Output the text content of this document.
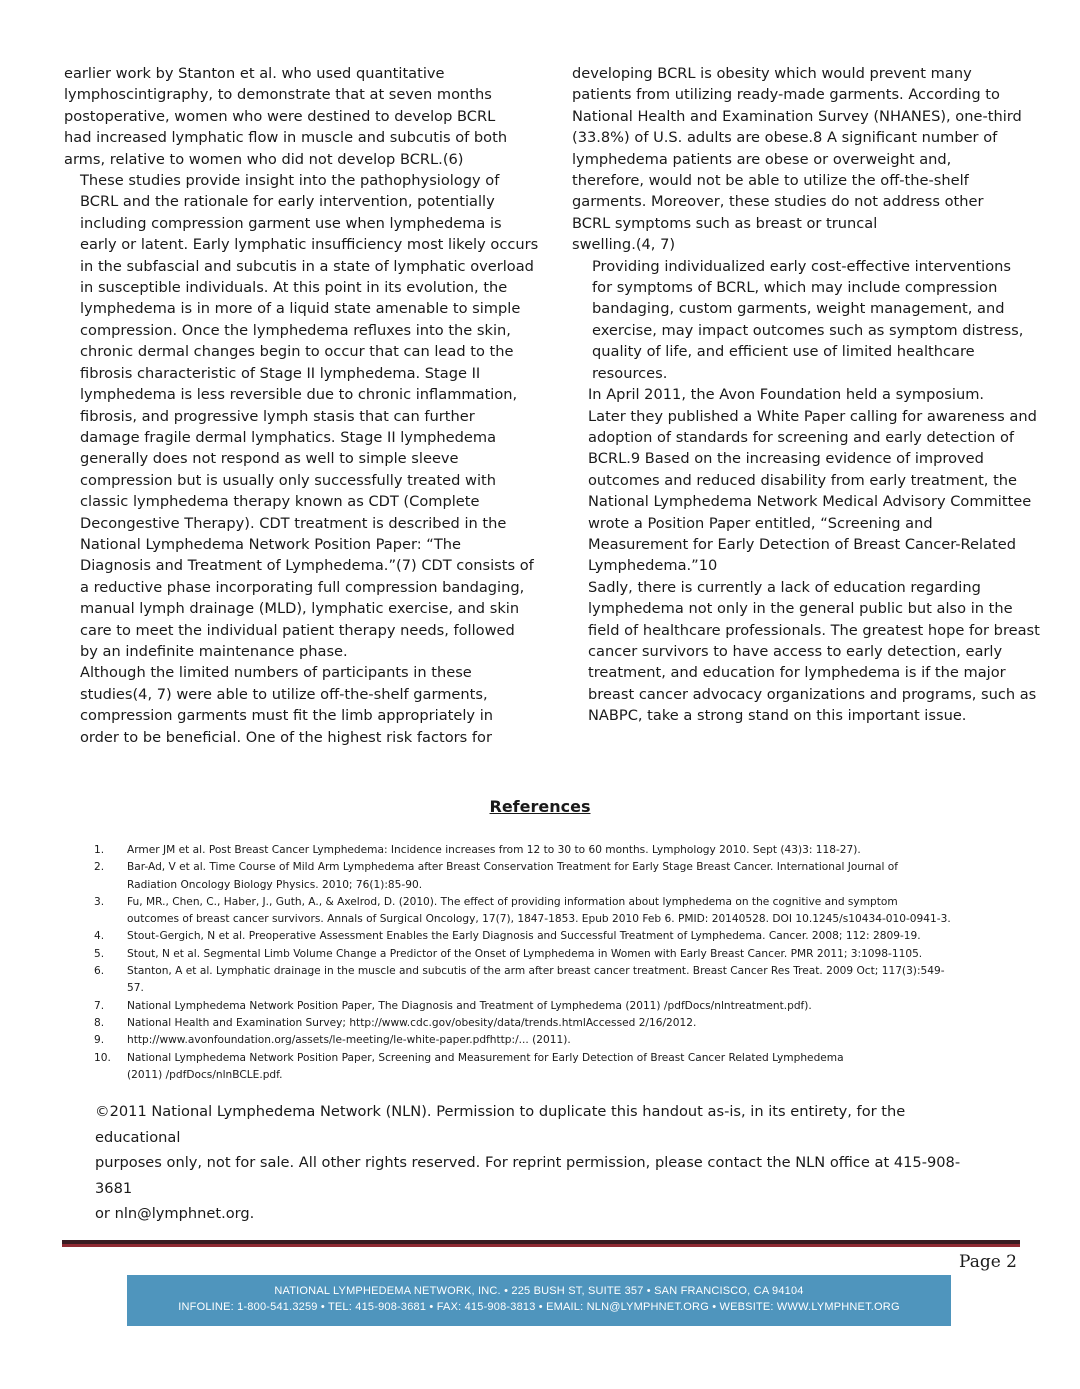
earlier work by Stanton et al. who used quantitative
lymphoscintigraphy, to demonstrate that at seven months
postoperative, women who were destined to develop BCRL
had increased lymphatic flow in muscle and subcutis of both
arms, relative to women who did not develop BCRL.(6)

These studies provide insight into the pathophysiology of
BCRL and the rationale for early intervention, potentially
including compression garment use when lymphedema is
early or latent. Early lymphatic insufficiency most likely occurs
in the subfascial and subcutis in a state of lymphatic overload
in susceptible individuals. At this point in its evolution, the
lymphedema is in more of a liquid state amenable to simple
compression. Once the lymphedema refluxes into the skin,
chronic dermal changes begin to occur that can lead to the
fibrosis characteristic of Stage II lymphedema. Stage II
lymphedema is less reversible due to chronic inflammation,
fibrosis, and progressive lymph stasis that can further
damage fragile dermal lymphatics. Stage II lymphedema
generally does not respond as well to simple sleeve
compression but is usually only successfully treated with
classic lymphedema therapy known as CDT (Complete
Decongestive Therapy). CDT treatment is described in the
National Lymphedema Network Position Paper: “The
Diagnosis and Treatment of Lymphedema.”(7) CDT consists of
a reductive phase incorporating full compression bandaging,
manual lymph drainage (MLD), lymphatic exercise, and skin
care to meet the individual patient therapy needs, followed
by an indefinite maintenance phase.

Although the limited numbers of participants in these
studies(4, 7) were able to utilize off-the-shelf garments,
compression garments must fit the limb appropriately in
order to be beneficial. One of the highest risk factors for

developing BCRL is obesity which would prevent many
patients from utilizing ready-made garments. According to
National Health and Examination Survey (NHANES), one-third
(33.8%) of U.S. adults are obese.8 A significant number of
lymphedema patients are obese or overweight and,
therefore, would not be able to utilize the off-the-shelf
garments. Moreover, these studies do not address other
BCRL symptoms such as breast or truncal
swelling.(4, 7)

Providing individualized early cost-effective interventions
for symptoms of BCRL, which may include compression
bandaging, custom garments, weight management, and
exercise, may impact outcomes such as symptom distress,
quality of life, and efficient use of limited healthcare
resources.

In April 2011, the Avon Foundation held a symposium.
Later they published a White Paper calling for awareness and
adoption of standards for screening and early detection of
BCRL.9 Based on the increasing evidence of improved
outcomes and reduced disability from early treatment, the
National Lymphedema Network Medical Advisory Committee
wrote a Position Paper entitled, “Screening and
Measurement for Early Detection of Breast Cancer-Related
Lymphedema.”10

Sadly, there is currently a lack of education regarding
lymphedema not only in the general public but also in the
field of healthcare professionals. The greatest hope for breast
cancer survivors to have access to early detection, early
treatment, and education for lymphedema is if the major
breast cancer advocacy organizations and programs, such as
NABPC, take a strong stand on this important issue.

References
1.	Armer JM et al. Post Breast Cancer Lymphedema: Incidence increases from 12 to 30 to 60 months. Lymphology 2010. Sept (43)3: 118-27).
2.	Bar-Ad, V et al. Time Course of Mild Arm Lymphedema after Breast Conservation Treatment for Early Stage Breast Cancer. International Journal of
Radiation Oncology Biology Physics. 2010; 76(1):85-90.
3.	Fu, MR., Chen, C., Haber, J., Guth, A., & Axelrod, D. (2010). The effect of providing information about lymphedema on the cognitive and symptom
outcomes of breast cancer survivors. Annals of Surgical Oncology, 17(7), 1847-1853. Epub 2010 Feb 6. PMID: 20140528. DOI 10.1245/s10434-010-0941-3.
4.	Stout-Gergich, N et al. Preoperative Assessment Enables the Early Diagnosis and Successful Treatment of Lymphedema. Cancer. 2008; 112: 2809-19.
5.	Stout, N et al. Segmental Limb Volume Change a Predictor of the Onset of Lymphedema in Women with Early Breast Cancer. PMR 2011; 3:1098-1105.
6.	Stanton, A et al. Lymphatic drainage in the muscle and subcutis of the arm after breast cancer treatment. Breast Cancer Res Treat. 2009 Oct; 117(3):549-
57.
7.	National Lymphedema Network Position Paper, The Diagnosis and Treatment of Lymphedema (2011) /pdfDocs/nlntreatment.pdf).
8.	National Health and Examination Survey; http://www.cdc.gov/obesity/data/trends.htmlAccessed 2/16/2012.
9.	http://www.avonfoundation.org/assets/le-meeting/le-white-paper.pdfhttp:/... (2011).
10.	National Lymphedema Network Position Paper, Screening and Measurement for Early Detection of Breast Cancer Related Lymphedema
(2011) /pdfDocs/nlnBCLE.pdf.
©2011 National Lymphedema Network (NLN). Permission to duplicate this handout as-is, in its entirety, for the educational
purposes only, not for sale. All other rights reserved. For reprint permission, please contact the NLN office at 415-908-3681
or nln@lymphnet.org.
Page 2
NATIONAL LYMPHEDEMA NETWORK, INC. • 225 BUSH ST, SUITE 357 • SAN FRANCISCO, CA 94104
INFOLINE: 1-800-541.3259 • TEL: 415-908-3681 • FAX: 415-908-3813 • EMAIL: NLN@LYMPHNET.ORG • WEBSITE: WWW.LYMPHNET.ORG
